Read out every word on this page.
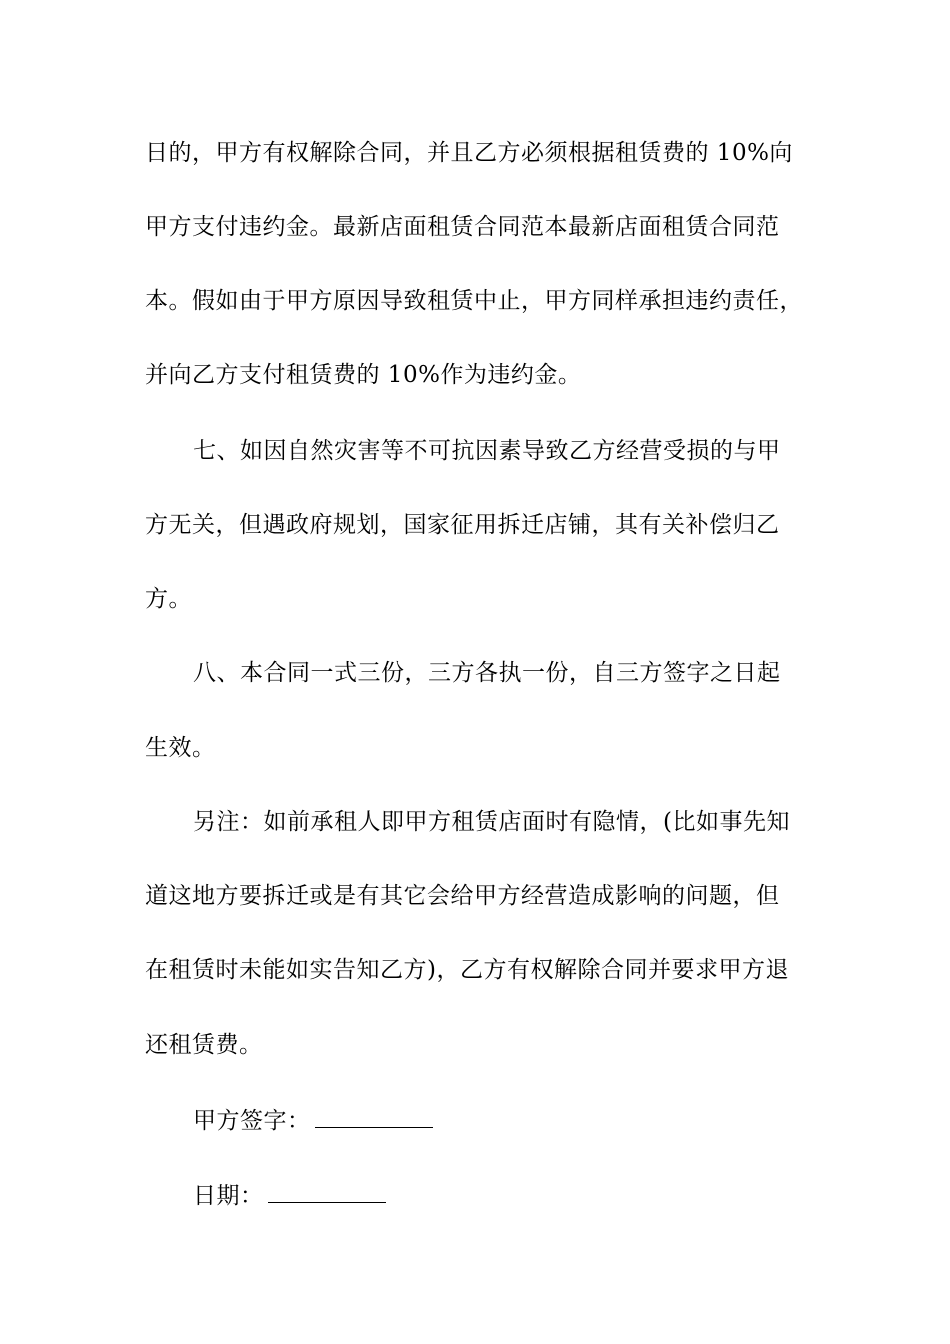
日的，甲方有权解除合同，并且乙方必须根据租赁费的 10%向
甲方支付违约金。最新店面租赁合同范本最新店面租赁合同范
本。假如由于甲方原因导致租赁中止，甲方同样承担违约责任，
并向乙方支付租赁费的 10%作为违约金。
七、如因自然灾害等不可抗因素导致乙方经营受损的与甲
方无关，但遇政府规划，国家征用拆迁店铺，其有关补偿归乙
方。
八、本合同一式三份，三方各执一份，自三方签字之日起
生效。
另注：如前承租人即甲方租赁店面时有隐情，(比如事先知
道这地方要拆迁或是有其它会给甲方经营造成影响的问题，但
在租赁时未能如实告知乙方)，乙方有权解除合同并要求甲方退
还租赁费。
甲方签字：
日期：
